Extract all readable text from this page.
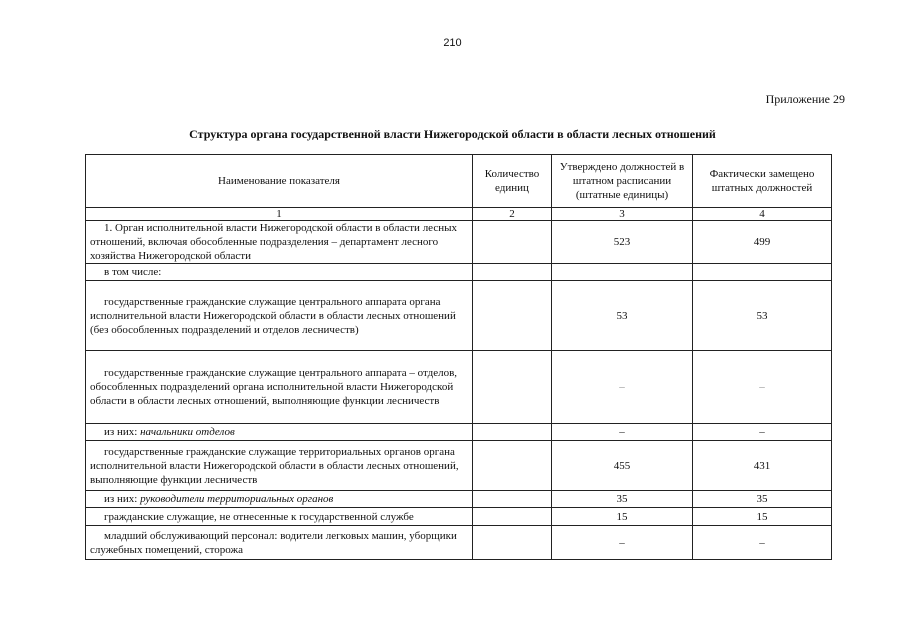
210
Приложение 29
Структура органа государственной власти Нижегородской области в области лесных отношений
Наименование показателя	Количество единиц	Утверждено должностей в штатном расписании (штатные единицы)	Фактически замещено штатных должностей
1	2	3	4
1. Орган исполнительной власти Нижегородской области в области лесных отношений, включая обособленные подразделения – департамент лесного хозяйства Нижегородской области		523	499
в том числе:			
государственные гражданские служащие центрального аппарата органа исполнительной власти Нижегородской области в области лесных отношений (без обособленных подразделений и отделов лесничеств)		53	53
государственные гражданские служащие центрального аппарата – отделов, обособленных подразделений органа исполнительной власти Нижегородской области в области лесных отношений, выполняющие функции лесничеств		–	–
из них: начальники отделов		–	–
государственные гражданские служащие территориальных органов органа исполнительной власти Нижегородской области в области лесных отношений, выполняющие функции лесничеств		455	431
из них: руководители территориальных органов		35	35
гражданские служащие, не отнесенные к государственной службе		15	15
младший обслуживающий персонал: водители легковых машин, уборщики служебных помещений, сторожа		–	–
